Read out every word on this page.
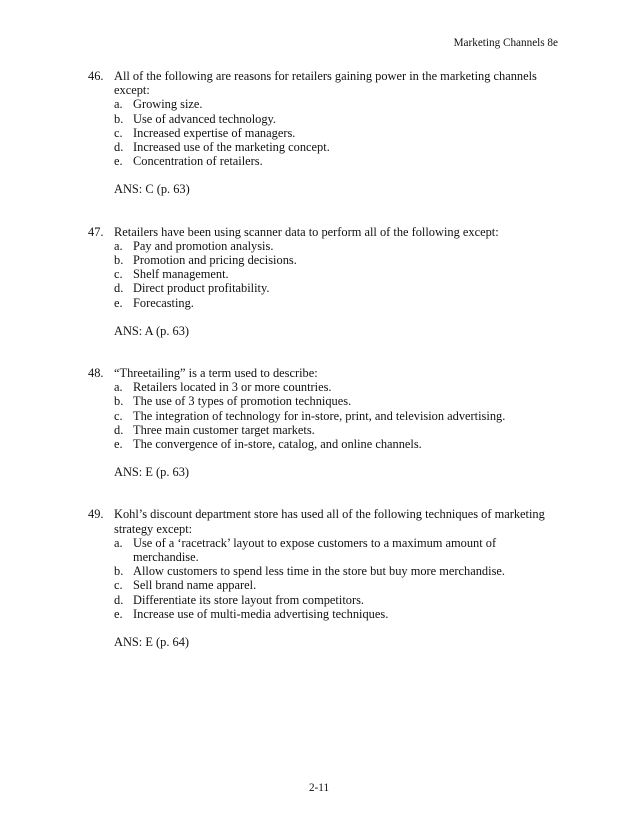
Marketing Channels 8e
46. All of the following are reasons for retailers gaining power in the marketing channels except:
a. Growing size.
b. Use of advanced technology.
c. Increased expertise of managers.
d. Increased use of the marketing concept.
e. Concentration of retailers.
ANS: C (p. 63)
47. Retailers have been using scanner data to perform all of the following except:
a. Pay and promotion analysis.
b. Promotion and pricing decisions.
c. Shelf management.
d. Direct product profitability.
e. Forecasting.
ANS: A (p. 63)
48. “Threetailing” is a term used to describe:
a. Retailers located in 3 or more countries.
b. The use of 3 types of promotion techniques.
c. The integration of technology for in-store, print, and television advertising.
d. Three main customer target markets.
e. The convergence of in-store, catalog, and online channels.
ANS: E (p. 63)
49. Kohl’s discount department store has used all of the following techniques of marketing strategy except:
a. Use of a ‘racetrack’ layout to expose customers to a maximum amount of merchandise.
b. Allow customers to spend less time in the store but buy more merchandise.
c. Sell brand name apparel.
d. Differentiate its store layout from competitors.
e. Increase use of multi-media advertising techniques.
ANS: E (p. 64)
2-11
